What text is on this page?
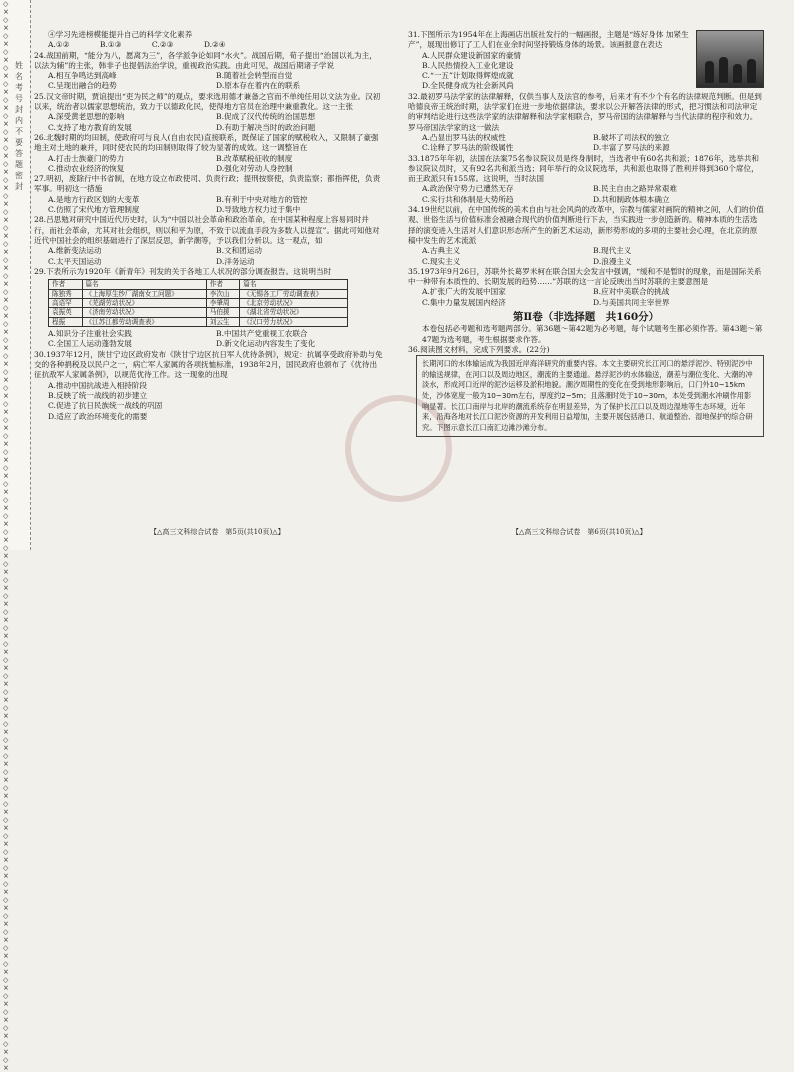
◇×◇×◇×◇×◇×◇×◇×◇×◇×◇×◇×◇×◇×◇×◇×◇×◇×◇×◇×◇×◇×◇×◇×◇×◇×◇×◇×◇×◇×◇×◇×◇×◇×◇×◇×◇×◇×◇×◇×◇×◇×◇×◇×◇×◇×◇×◇×◇×◇×◇×◇×◇×◇×◇×◇×◇×◇×◇×◇×◇×◇×◇×◇×◇×◇×◇×◇×
姓名　考号　封　内　不　要　答　题　密　封

④学习先进榜模能提升自己的科学文化素养

A.①②　　　　B.①③　　　　C.②③　　　　D.②④

24.战国前期，“能分为八，愿离为三”，各学派争论如同“水火”。战国后期，荀子提出“治国以礼为主，以法为辅”的主张，韩非子也提倡法治学说，重视政治实践。由此可见，战国后期诸子学说

A.相互争鸣达到高峰	B.随着社会转型而自觉
C.呈现出融合的趋势	D.原本存在着内在的联系

25.汉文帝时期，贾谊提出“吏为民之师”的观点，要求选用德才兼备之官而不单纯任用以文法为业。汉初以来，统治者以儒家思想统治，致力于以德政化民，使得地方官员在治理中兼重教化。这一主张

A.深受黄老思想的影响	B.促成了汉代传统的治国思想
C.支持了地方教育的发展	D.有助于解决当时的政治问题

26.北魏时期的均田制，使政府可与良人(自由农民)直接联系，既保证了国家的赋税收入，又限制了豪强地主对土地的兼并，同时使农民的均田制则取得了较为显著的成效。这一调整旨在

A.打击士族豪门的势力	B.改革赋税征收的制度
C.推动农业经济的恢复	D.强化对劳动人身控制

27.明初，废除行中书省制，在地方设立布政使司、负责行政；提刑按察使，负责监察；都指挥使，负责军事。明初这一措施

A.是地方行政区划的大变革	B.有利于中央对地方的管控
C.仿照了宋代地方管理制度	D.导致地方权力过于集中

28.吕思勉对研究中国近代历史时，认为“中国以社会革命和政治革命，在中国某种程度上容易同时并行，而社会革命，尤其对社会组织，则以和平为原，不致于以流血手段为多数人以提宣”。据此可知他对近代中国社会的组织基础进行了深层反思，新学潮等，予以我们分析以。这一观点，如

A.维新变法运动	B.文和团运动
C.太平天国运动	D.洋务运动

29.下表所示为1920年《新青年》刊发的关于各地工人状况的部分调查报告。这说明当时

作者	篇名	作者	篇名
陈独秀	《上海厚生纱厂湖南女工问题》	李次山	《无锡各工厂劳动调查表》
高语罕	《芜湖劳动状况》	李肇周	《北京劳动状况》
袁振英	《济南劳动状况》	马伯援	《湖北省劳动状况》
程振	《江苏江都劳动调查表》	刘云生	《汉口劳力状况》
A.知识分子注重社会实践	B.中国共产党重视工农联合
C.全国工人运动蓬勃发展	D.新文化运动内容发生了变化

30.1937年12月，陕甘宁边区政府发布《陕甘宁边区抗日军人优待条例》，规定：抗属享受政府补助与免交的各种捐税及以民户之一，病亡军人家属的各项抚恤标准，1938年2月，国民政府也颁布了《优待出征抗敌军人家属条例》，以规范优待工作。这一现象的出现

A.推动中国抗战进入相持阶段
B.反映了统一战线的初步建立
C.促进了抗日民族统一战线的巩固
D.适应了政治环境变化的需要
【△高三文科综合试卷　第5页(共10页)△】

31.下图所示为1954年在上海画店出版社发行的一幅画报，主题是“练好身体 加紧生产”，展现出修订了工人们在业余时间坚持锻炼身体的场景。该画报意在表达

A.人民群众建设新国家的豪情
B.人民热情投入工业化建设
C.“一五”计划取得辉煌成就
D.全民健身成为社会新风尚

32.最初罗马法学家的法律解释，仅供当事人及法官的参考，后来才有不少个有名的法律规范判断。但是到哈德良帝王统治时期，法学家们在进一步地依据律法，要求以公开解答法律的形式，把习惯法和司法审定的审判结论进行这些法学家的法律解释和法学家相联合，罗马帝国的法律解释与当代法律的程序和效力。罗马帝国法学家的这一做法

A.凸显出罗马法的权威性	B.破坏了司法权的独立
C.诠释了罗马法的阶级属性	D.丰富了罗马法的来源

33.1875年年初，法国在法案75名参议院议员是终身制时，当选者中有60名共和派；1876年，选举共和参议院议员时，又有92名共和派当选；同年举行的众议院选举，共和派也取得了胜利并得到360个席位，而王政派只有155席。这说明，当时法国

A.政治保守势力已遭然无存	B.民主自由之路异常艰难
C.实行共和体制是大势所趋	D.共和制政体根本确立

34.19世纪以前，在中国传统的美术自由与社会风尚的改革中，宗教与儒家对画院的精神之间，人们的价值观、世俗生活与价值标准会被融合现代的价值判断进行下去，当实践进一步创造新的。精神本质的生活选择的演变进入生活对人们意识形态所产生的新艺术运动，新形势形成的多项的主要社会心理，在北京的原稿中发生的艺术流派

A.古典主义	B.现代主义
C.现实主义	D.浪漫主义

35.1973年9月26日，苏联外长葛罗米柯在联合国大会发言中强调，“缓和不是暂时的现象，而是国际关系中一种带有本质性的、长期发展的趋势……”苏联的这一言论反映出当时苏联的主要意图是

A.扩张广大的发展中国家	B.应对中美联合的挑战
C.集中力量发展国内经济	D.与美国共同主宰世界
第Ⅱ卷（非选择题　共160分）

本卷包括必考题和选考题两部分。第36题～第42题为必考题，每个试题考生都必须作答。第43题～第47题为选考题，考生根据要求作答。

36.阅读图文材料，完成下列要求。(22分)

长期河口的水体输运成为我国近岸海洋研究的重要内容。本文主要研究长江河口的悬浮泥沙、特别泥沙中的输送规律，在河口以及周边地区，潮流的主要通道。悬浮泥沙的水体输送，潮差与潮位变化、大潮的冲淡水，形成河口近岸的泥沙运移及淤积地貌。潮汐周期性的变化在受到地形影响后，口门外10~15km处，沙体宽度一般为10~30m左右，厚度约2~5m；且落潮时处于10~30m，本处受到潮水冲刷作用影响显著。长江口南岸与北岸的潮流系统存在明显差异，为了保护长江口以及周边湿地等生态环境，近年来，沿海各地对长江口泥沙资源的开发利用日益增加，主要开展包括港口、航道整治、湿地保护的综合研究。下图示意长江口南汇边滩沙滩分布。
【△高三文科综合试卷　第6页(共10页)△】
